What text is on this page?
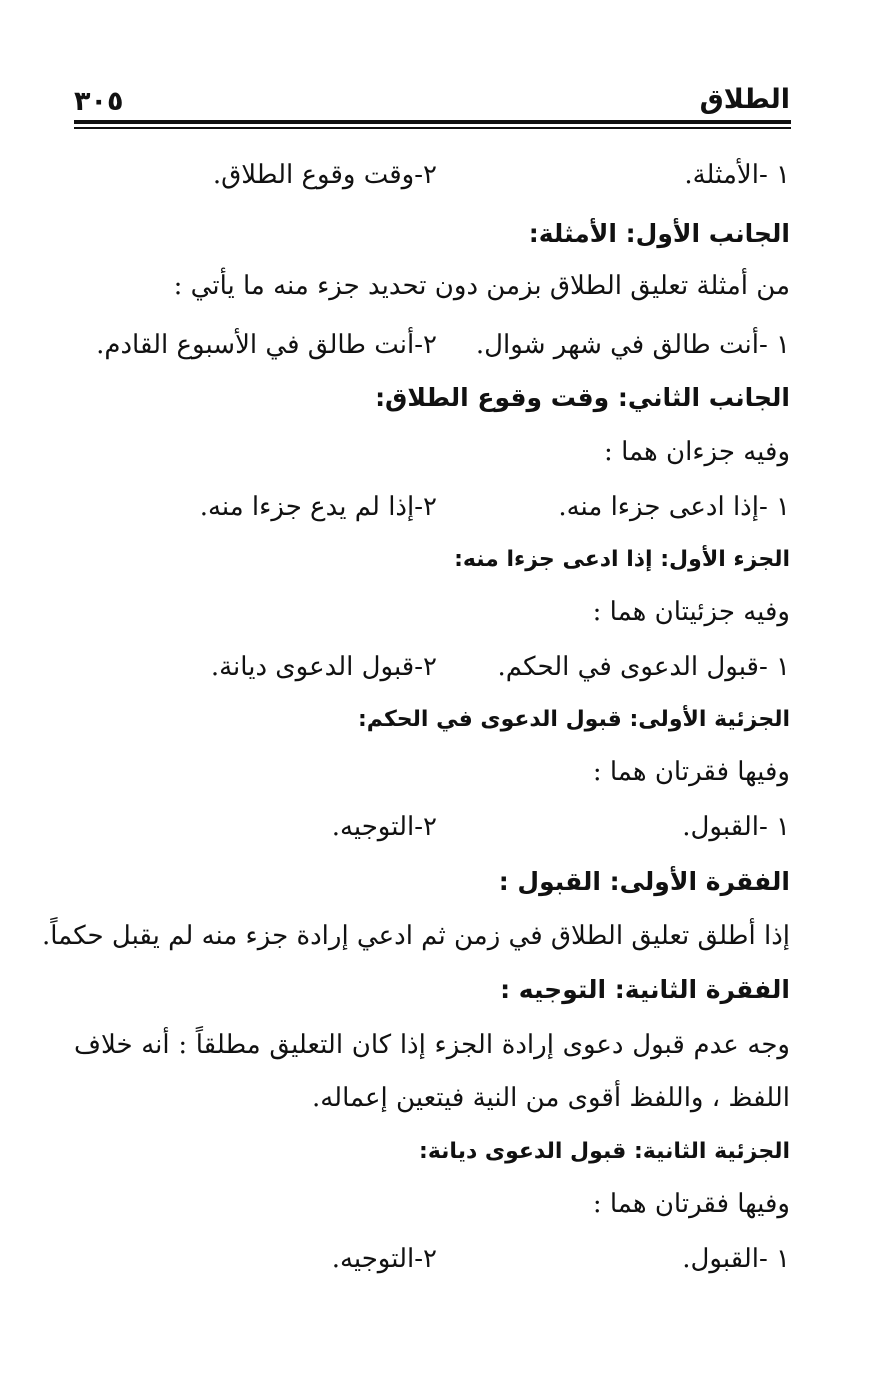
الطلاق
٣٠٥
١ -الأمثلة.
٢-وقت وقوع الطلاق.
الجانب الأول: الأمثلة:
من أمثلة تعليق الطلاق بزمن دون تحديد جزء منه ما يأتي :
١ -أنت طالق في شهر شوال.
٢-أنت طالق في الأسبوع القادم.
الجانب الثاني: وقت وقوع الطلاق:
وفيه جزءان هما :
١ -إذا ادعى جزءا منه.
٢-إذا لم يدع جزءا منه.
الجزء الأول: إذا ادعى جزءا منه:
وفيه جزئيتان هما :
١ -قبول الدعوى في الحكم.
٢-قبول الدعوى ديانة.
الجزئية الأولى: قبول الدعوى في الحكم:
وفيها فقرتان هما :
١ -القبول.
٢-التوجيه.
الفقرة الأولى: القبول :
إذا أطلق تعليق الطلاق في زمن ثم ادعي إرادة جزء منه لم يقبل حكماً.
الفقرة الثانية: التوجيه :
وجه عدم قبول دعوى إرادة الجزء إذا كان التعليق مطلقاً : أنه خلاف
اللفظ ، واللفظ أقوى من النية فيتعين إعماله.
الجزئية الثانية: قبول الدعوى ديانة:
وفيها فقرتان هما :
١ -القبول.
٢-التوجيه.
